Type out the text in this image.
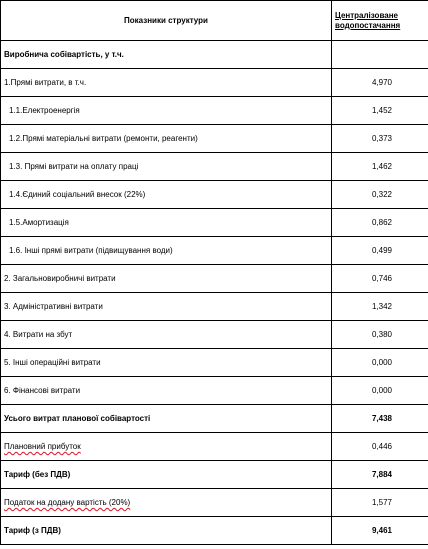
Показники структури	Централізоване
водопостачання
Виробнича собівартість, у т.ч.	
1.Прямі витрати, в т.ч.	4,970
1.1.Електроенергія	1,452
1.2.Прямі матеріальні витрати (ремонти, реагенти)	0,373
1.3. Прямі витрати на оплату праці	1,462
1.4.Єдиний соціальний внесок (22%)	0,322
1.5.Амортизація	0,862
1.6. Інші прямі витрати (підвищування води)	0,499
2. Загальновиробничі витрати	0,746
3. Адміністративні витрати	1,342
4. Витрати на збут	0,380
5. Інші операційні витрати	0,000
6. Фінансові витрати	0,000
Усього витрат планової собівартості	7,438
Плановний прибуток	0,446
Тариф (без ПДВ)	7,884
Податок на додану вартість (20%)	1,577
Тариф (з ПДВ)	9,461
